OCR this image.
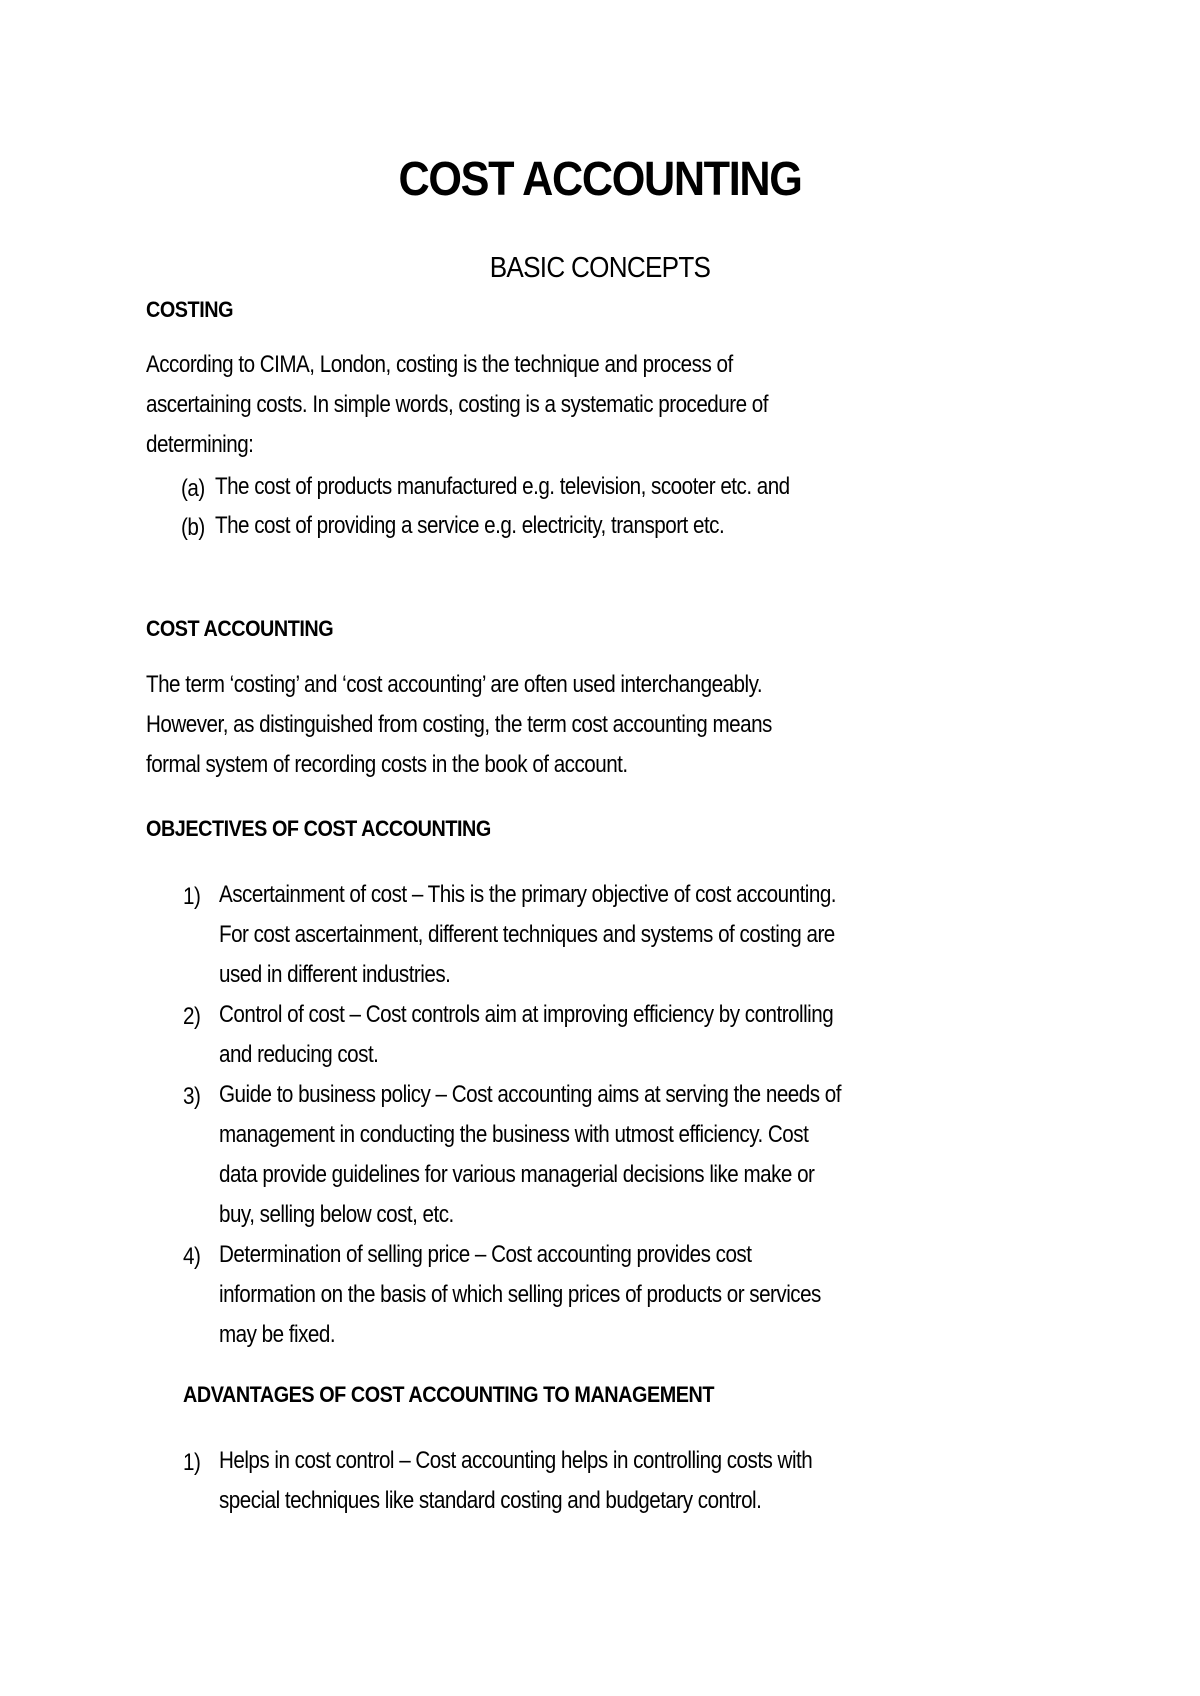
COST ACCOUNTING
BASIC CONCEPTS
COSTING
According to CIMA, London, costing is the technique and process of
ascertaining costs. In simple words, costing is a systematic procedure of
determining:
(a) The cost of products manufactured e.g. television, scooter etc. and
(b) The cost of providing a service e.g. electricity, transport etc.
COST ACCOUNTING
The term ‘costing’ and ‘cost accounting’ are often used interchangeably.
However, as distinguished from costing, the term cost accounting means
formal system of recording costs in the book of account.
OBJECTIVES OF COST ACCOUNTING
1) Ascertainment of cost – This is the primary objective of cost accounting.
For cost ascertainment, different techniques and systems of costing are
used in different industries.
2) Control of cost – Cost controls aim at improving efficiency by controlling
and reducing cost.
3) Guide to business policy – Cost accounting aims at serving the needs of
management in conducting the business with utmost efficiency. Cost
data provide guidelines for various managerial decisions like make or
buy, selling below cost, etc.
4) Determination of selling price – Cost accounting provides cost
information on the basis of which selling prices of products or services
may be fixed.
ADVANTAGES OF COST ACCOUNTING TO MANAGEMENT
1) Helps in cost control – Cost accounting helps in controlling costs with
special techniques like standard costing and budgetary control.
